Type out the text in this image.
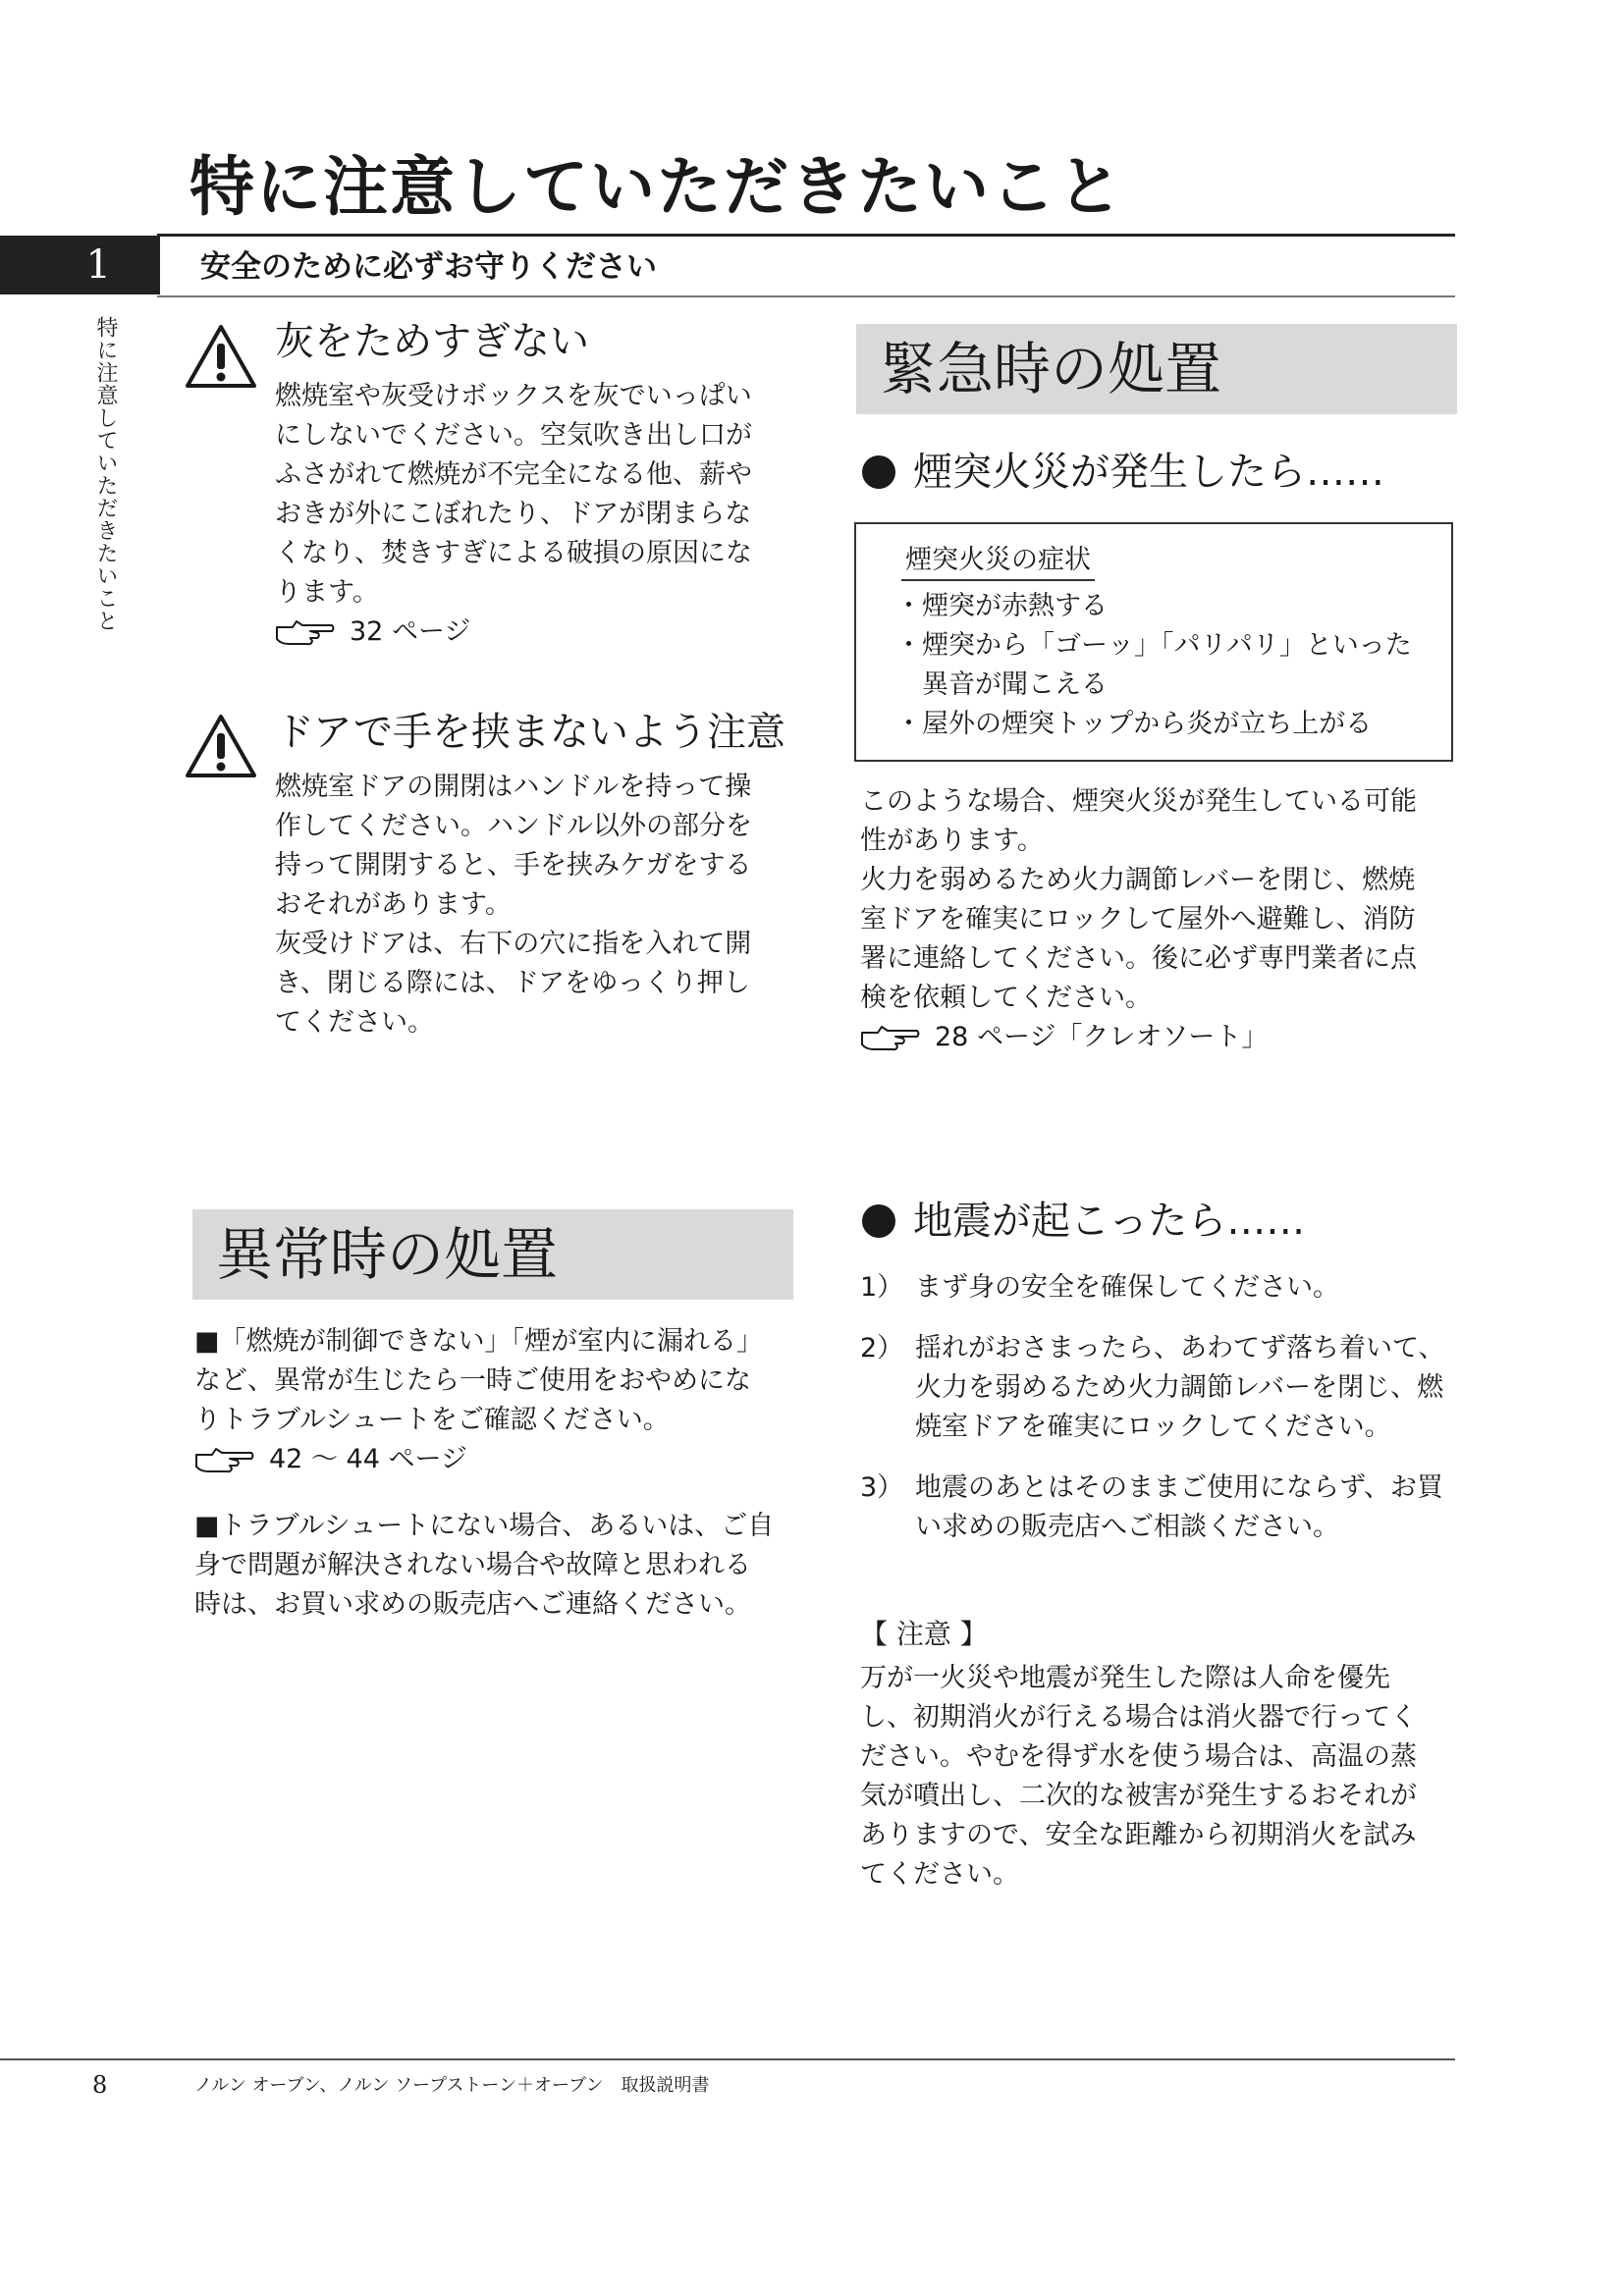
特に注意していただきたいこと
1	安全のために必ずお守りください
特に注意していただきたいこと	灰をためすぎない

燃焼室や灰受けボックスを灰でいっぱい

にしないでください。空気吹き出し口が

ふさがれて燃焼が不完全になる他、薪や

おきが外にこぼれたり、ドアが閉まらな

くなり、焚きすぎによる破損の原因にな

ります。

32 ページ
ドアで手を挟まないよう注意

燃焼室ドアの開閉はハンドルを持って操

作してください。ハンドル以外の部分を

持って開閉すると、手を挟みケガをする

おそれがあります。

灰受けドアは、右下の穴に指を入れて開

き、閉じる際には、ドアをゆっくり押し

てください。

異常時の処置

■「燃焼が制御できない」「煙が室内に漏れる」

など、異常が生じたら一時ご使用をおやめにな

りトラブルシュートをご確認ください。

42 ～ 44 ページ

■トラブルシュートにない場合、あるいは、ご自

身で問題が解決されない場合や故障と思われる

時は、お買い求めの販売店へご連絡ください。

緊急時の処置
煙突火災が発生したら……
煙突火災の症状
・煙突が赤熱する
・煙突から「ゴーッ」「パリパリ」といった異音が聞こえる
・屋外の煙突トップから炎が立ち上がる

このような場合、煙突火災が発生している可能

性があります。

火力を弱めるため火力調節レバーを閉じ、燃焼

室ドアを確実にロックして屋外へ避難し、消防

署に連絡してください。後に必ず専門業者に点

検を依頼してください。

28 ページ「クレオソート」
地震が起こったら……
1） まず身の安全を確保してください。
2） 揺れがおさまったら、あわてず落ち着いて、火力を弱めるため火力調節レバーを閉じ、燃焼室ドアを確実にロックしてください。
3） 地震のあとはそのままご使用にならず、お買い求めの販売店へご相談ください。

【 注意 】

万が一火災や地震が発生した際は人命を優先

し、初期消火が行える場合は消火器で行ってく

ださい。やむを得ず水を使う場合は、高温の蒸

気が噴出し、二次的な被害が発生するおそれが

ありますので、安全な距離から初期消火を試み

てください。

8	ノルン オーブン、ノルン ソープストーン＋オーブン　取扱説明書
